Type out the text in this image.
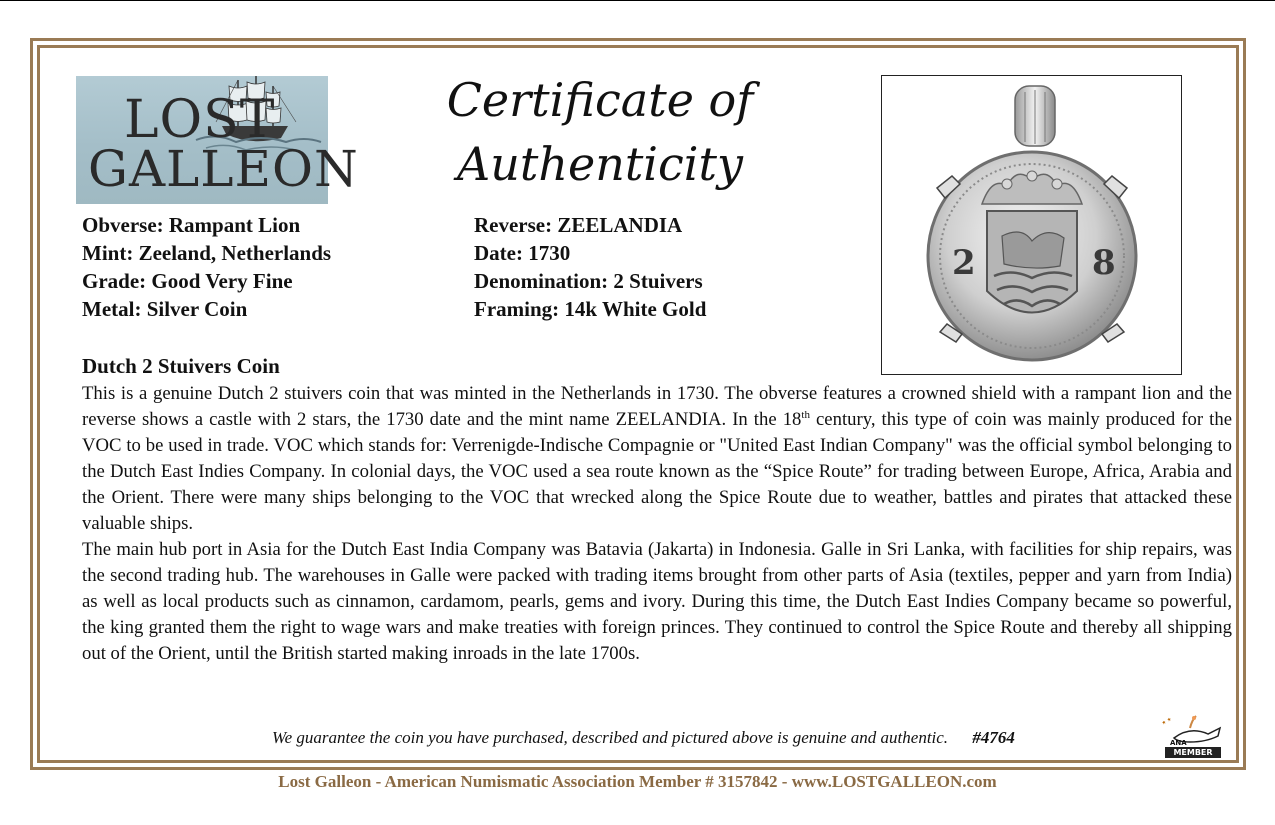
LOST
GALLEON
Certificate of
Authenticity
2	8
Obverse: Rampant Lion
Mint: Zeeland, Netherlands
Grade: Good Very Fine
Metal: Silver Coin
Reverse: ZEELANDIA
Date: 1730
Denomination: 2 Stuivers
Framing: 14k White Gold
Dutch 2 Stuivers Coin

This is a genuine Dutch 2 stuivers coin that was minted in the Netherlands in 1730. The obverse features a crowned shield with a rampant lion and the reverse shows a castle with 2 stars, the 1730 date and the mint name ZEELANDIA. In the 18th century, this type of coin was mainly produced for the VOC to be used in trade. VOC which stands for: Verrenigde-Indische Compagnie or "United East Indian Company" was the official symbol belonging to the Dutch East Indies Company. In colonial days, the VOC used a sea route known as the “Spice Route” for trading between Europe, Africa, Arabia and the Orient. There were many ships belonging to the VOC that wrecked along the Spice Route due to weather, battles and pirates that attacked these valuable ships.

The main hub port in Asia for the Dutch East India Company was Batavia (Jakarta) in Indonesia. Galle in Sri Lanka, with facilities for ship repairs, was the second trading hub. The warehouses in Galle were packed with trading items brought from other parts of Asia (textiles, pepper and yarn from India) as well as local products such as cinnamon, cardamom, pearls, gems and ivory. During this time, the Dutch East Indies Company became so powerful, the king granted them the right to wage wars and make treaties with foreign princes. They continued to control the Spice Route and thereby all shipping out of the Orient, until the British started making inroads in the late 1700s.

We guarantee the coin you have purchased, described and pictured above is genuine and authentic. #4764
★ ★
ANA
MEMBER
Lost Galleon - American Numismatic Association Member # 3157842 - www.LOSTGALLEON.com
